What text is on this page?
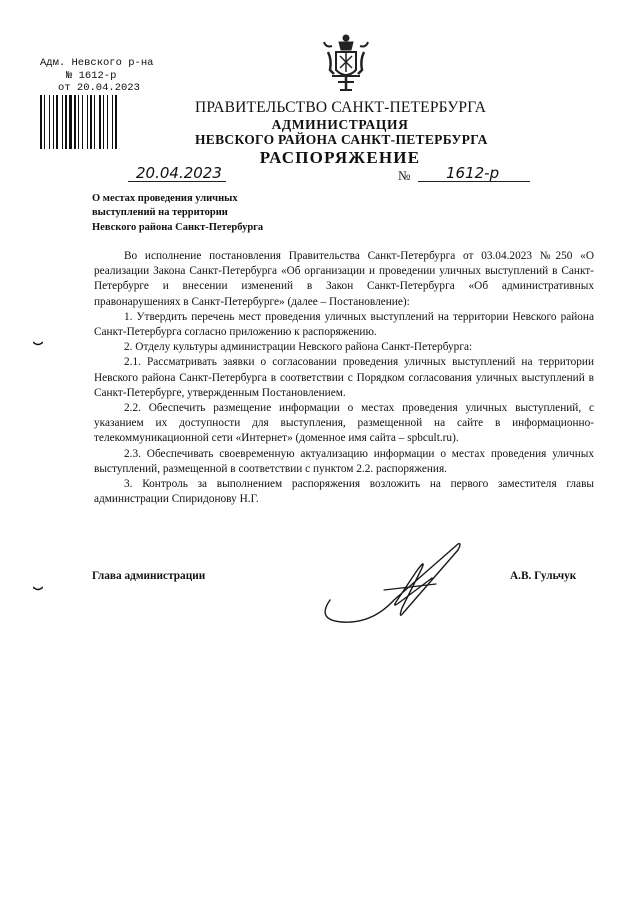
Адм. Невского р-на
№ 1612-р
от 20.04.2023
ПРАВИТЕЛЬСТВО САНКТ-ПЕТЕРБУРГА
АДМИНИСТРАЦИЯ
НЕВСКОГО РАЙОНА САНКТ-ПЕТЕРБУРГА
РАСПОРЯЖЕНИЕ
20.04.2023	№ 1612-р
О местах проведения уличных
выступлений на территории
Невского района Санкт-Петербурга

Во исполнение постановления Правительства Санкт-Петербурга от 03.04.2023 №250 «О реализации Закона Санкт-Петербурга «Об организации и проведении уличных выступлений в Санкт-Петербурге и внесении изменений в Закон Санкт-Петербурга «Об административных правонарушениях в Санкт-Петербурге» (далее – Постановление):

1. Утвердить перечень мест проведения уличных выступлений на территории Невского района Санкт-Петербурга согласно приложению к распоряжению.

2. Отделу культуры администрации Невского района Санкт-Петербурга:

2.1. Рассматривать заявки о согласовании проведения уличных выступлений на территории Невского района Санкт-Петербурга в соответствии с Порядком согласования уличных выступлений в Санкт-Петербурге, утвержденным Постановлением.

2.2. Обеспечить размещение информации о местах проведения уличных выступлений, с указанием их доступности для выступления, размещенной на сайте в информационно-телекоммуникационной сети «Интернет» (доменное имя сайта – spbcult.ru).

2.3. Обеспечивать своевременную актуализацию информации о местах проведения уличных выступлений, размещенной в соответствии с пунктом 2.2. распоряжения.

3. Контроль за выполнением распоряжения возложить на первого заместителя главы администрации Спиридонову Н.Г.

Глава администрации	А.В. Гульчук
